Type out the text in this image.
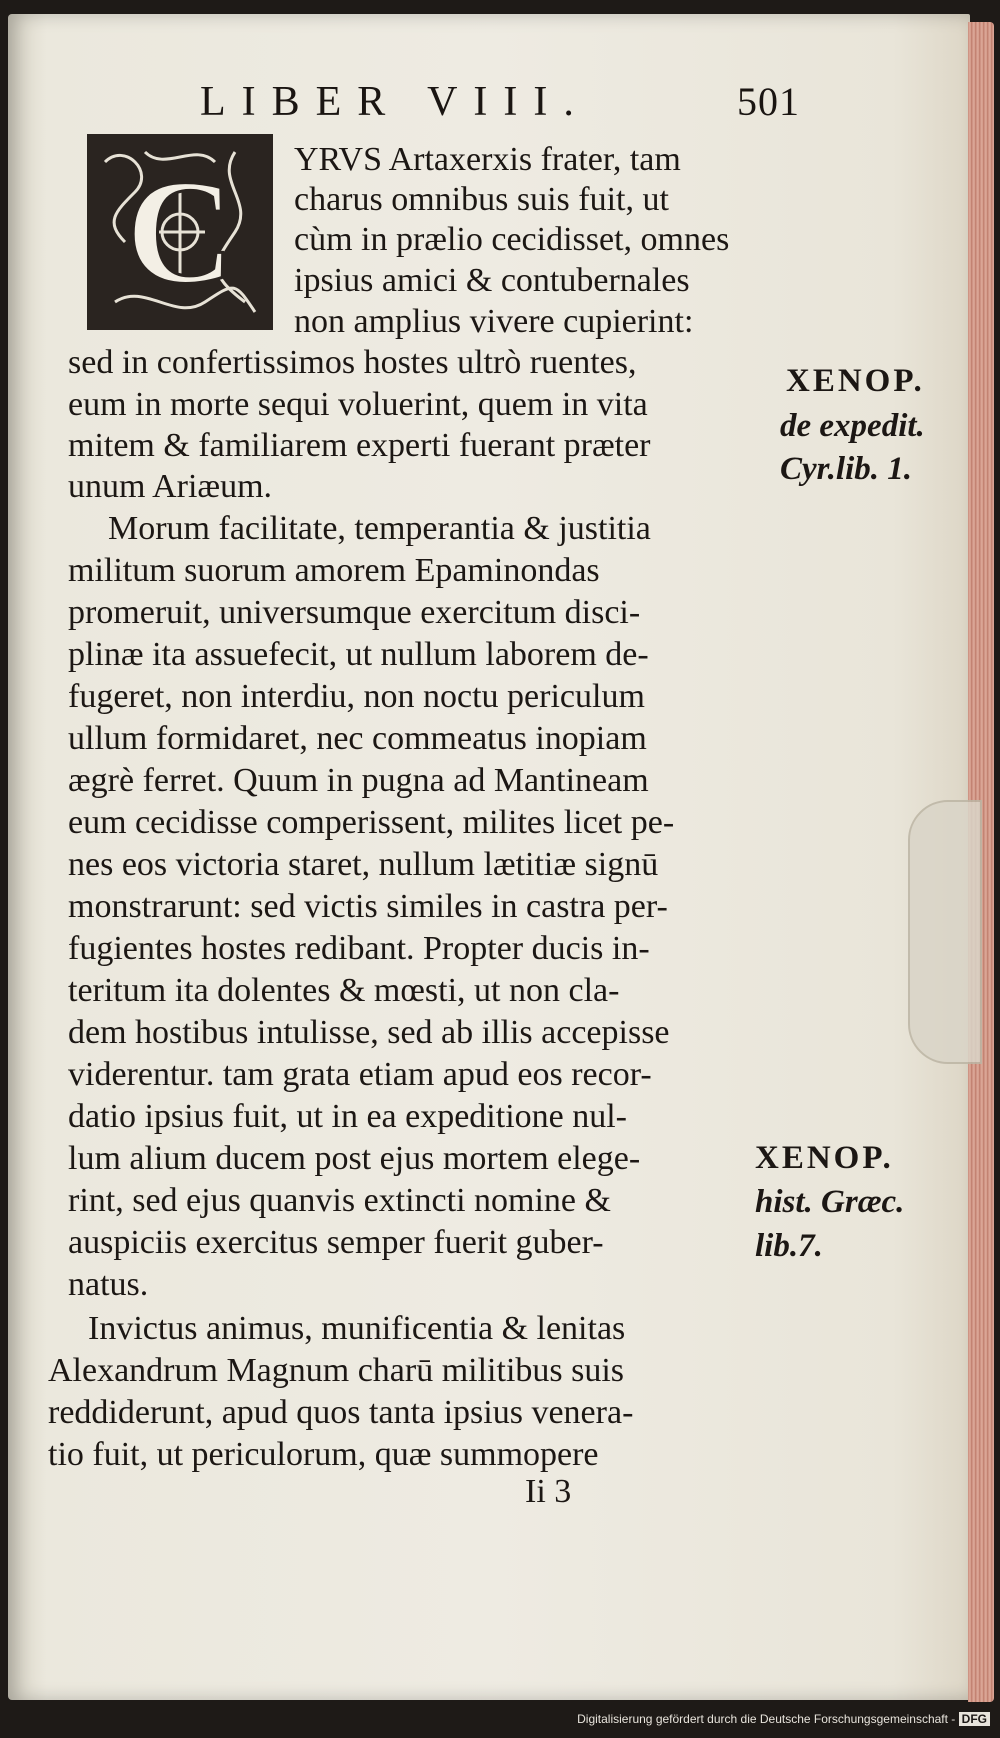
LIBER VIII.	501
C YRVS Artaxerxis frater, tam
charus omnibus suis fuit, ut
cùm in prælio cecidisset, omnes
ipsius amici & contubernales
non amplius vivere cupierint:
sed in confertissimos hostes ultrò ruentes,
eum in morte sequi voluerint, quem in vita
mitem & familiarem experti fuerant præter
unum Ariæum.
Morum facilitate, temperantia & justitia
militum suorum amorem Epaminondas
promeruit, universumque exercitum disci-
plinæ ita assuefecit, ut nullum laborem de-
fugeret, non interdiu, non noctu periculum
ullum formidaret, nec commeatus inopiam
ægrè ferret. Quum in pugna ad Mantineam
eum cecidisse comperissent, milites licet pe-
nes eos victoria staret, nullum lætitiæ signū
monstrarunt: sed victis similes in castra per-
fugientes hostes redibant. Propter ducis in-
teritum ita dolentes & mœsti, ut non cla-
dem hostibus intulisse, sed ab illis accepisse
viderentur. tam grata etiam apud eos recor-
datio ipsius fuit, ut in ea expeditione nul-
lum alium ducem post ejus mortem elege-
rint, sed ejus quanvis extincti nomine &
auspiciis exercitus semper fuerit guber-
natus.
Invictus animus, munificentia & lenitas
Alexandrum Magnum charū militibus suis
reddiderunt, apud quos tanta ipsius venera-
tio fuit, ut periculorum, quæ summopere
XENOP.
de expedit.
Cyr.lib. 1.
XENOP.
hist. Græc.
lib.7.
Ii 3
Digitalisierung gefördert durch die Deutsche Forschungsgemeinschaft - DFG
